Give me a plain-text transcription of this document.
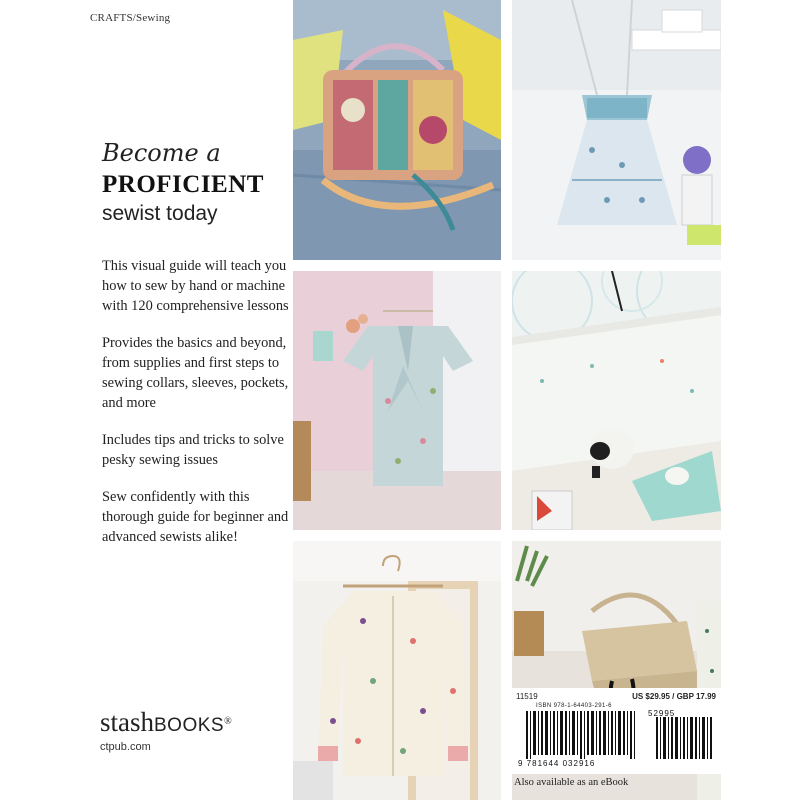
CRAFTS/Sewing
Become a
PROFICIENT
sewist today
This visual guide will teach you how to sew by hand or machine with 120 comprehensive lessons
Provides the basics and beyond, from supplies and first steps to sewing collars, sleeves, pockets, and more
Includes tips and tricks to solve pesky sewing issues
Sew confidently with this thorough guide for beginner and advanced sewists alike!
stashBOOKS®
ctpub.com
11519	US $29.95 / GBP 17.99
ISBN 978-1-64403-291-6
9 781644 032916
52995
Also available as an eBook
